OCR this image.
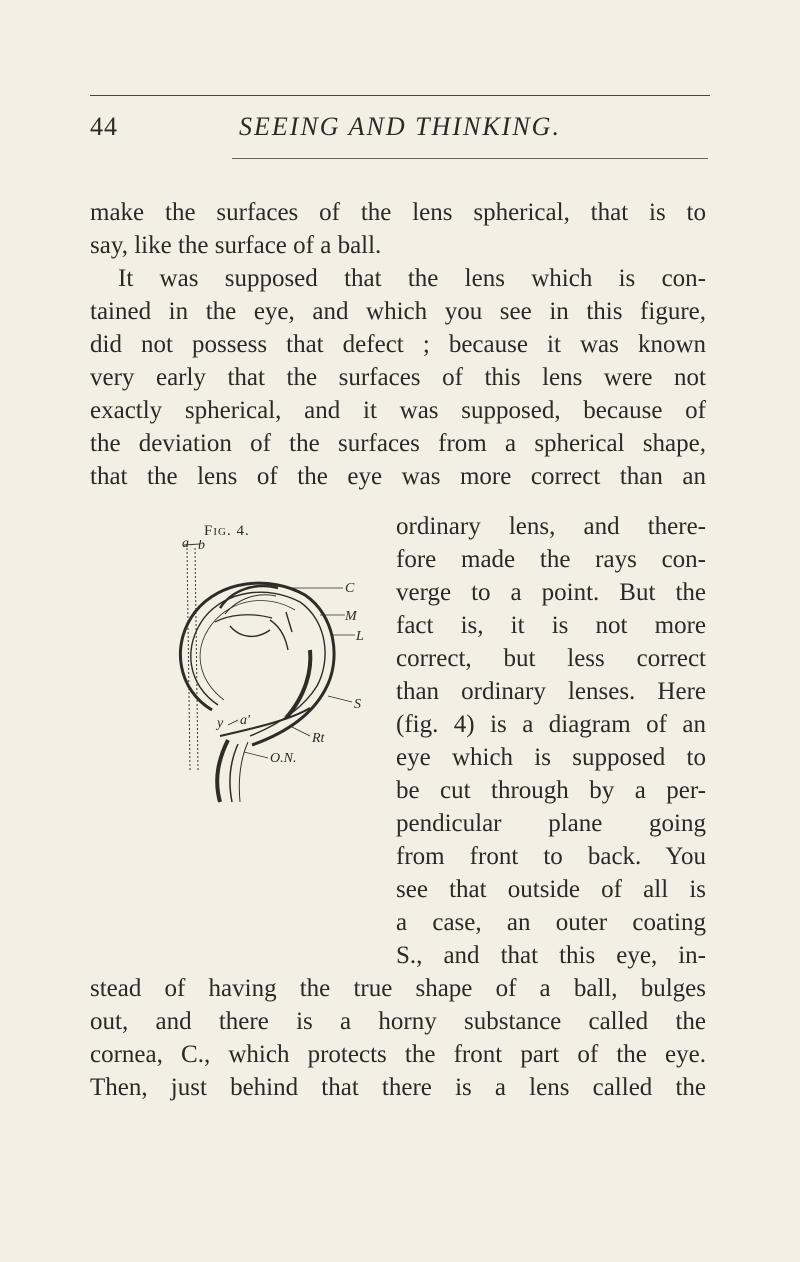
44	SEEING AND THINKING.
make the surfaces of the lens spherical, that is to
say, like the surface of a ball.
It was supposed that the lens which is con-
tained in the eye, and which you see in this figure,
did not possess that defect ; because it was known
very early that the surfaces of this lens were not
exactly spherical, and it was supposed, because of
the deviation of the surfaces from a spherical shape,
that the lens of the eye was more correct than an
ordinary lens, and there-
fore made the rays con-
verge to a point. But the
fact is, it is not more
correct, but less correct
than ordinary lenses. Here
(fig. 4) is a diagram of an
eye which is supposed to
be cut through by a per-
pendicular plane going
from front to back. You
see that outside of all is
a case, an outer coating
S., and that this eye, in-
stead of having the true shape of a ball, bulges
out, and there is a horny substance called the
cornea, C., which protects the front part of the eye.
Then, just behind that there is a lens called the
Fig. 4.
a b
C
M
L
S
Rt
O.N.
y a'
